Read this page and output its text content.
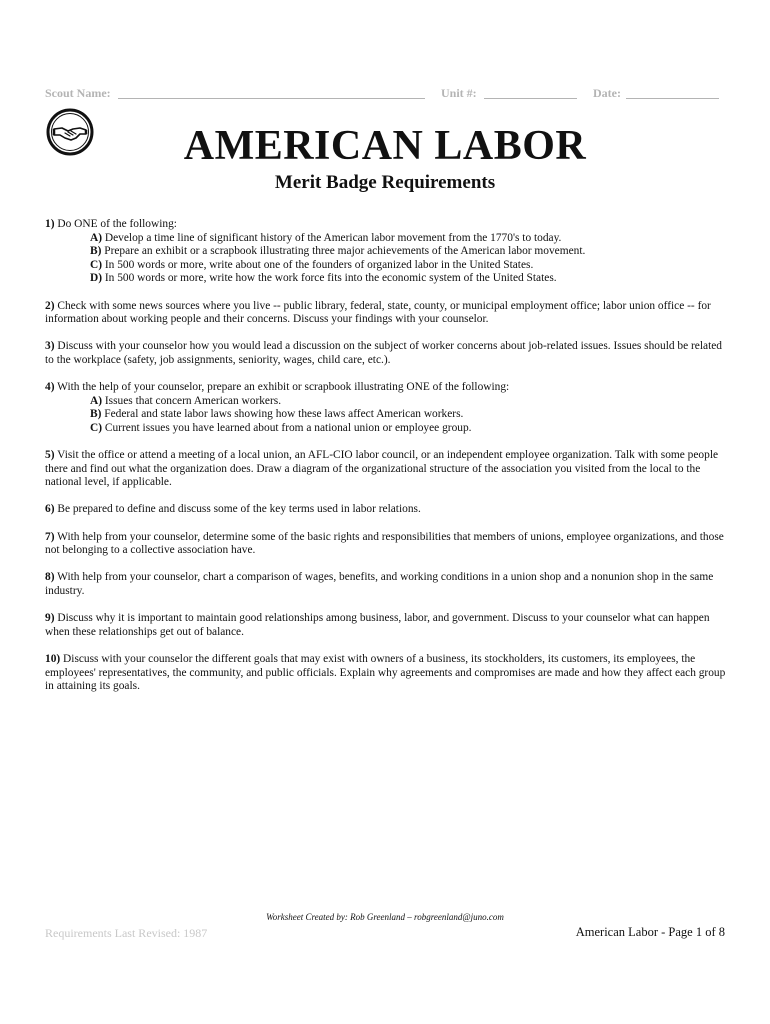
Scout Name:	Unit #:	Date:
AMERICAN LABOR
Merit Badge Requirements
1) Do ONE of the following:
A) Develop a time line of significant history of the American labor movement from the 1770's to today.
B) Prepare an exhibit or a scrapbook illustrating three major achievements of the American labor movement.
C) In 500 words or more, write about one of the founders of organized labor in the United States.
D) In 500 words or more, write how the work force fits into the economic system of the United States.
2) Check with some news sources where you live -- public library, federal, state, county, or municipal employment office; labor union office -- for information about working people and their concerns. Discuss your findings with your counselor.
3) Discuss with your counselor how you would lead a discussion on the subject of worker concerns about job-related issues. Issues should be related to the workplace (safety, job assignments, seniority, wages, child care, etc.).
4) With the help of your counselor, prepare an exhibit or scrapbook illustrating ONE of the following:
A) Issues that concern American workers.
B) Federal and state labor laws showing how these laws affect American workers.
C) Current issues you have learned about from a national union or employee group.
5) Visit the office or attend a meeting of a local union, an AFL-CIO labor council, or an independent employee organization. Talk with some people there and find out what the organization does. Draw a diagram of the organizational structure of the association you visited from the local to the national level, if applicable.
6) Be prepared to define and discuss some of the key terms used in labor relations.
7) With help from your counselor, determine some of the basic rights and responsibilities that members of unions, employee organizations, and those not belonging to a collective association have.
8) With help from your counselor, chart a comparison of wages, benefits, and working conditions in a union shop and a nonunion shop in the same industry.
9) Discuss why it is important to maintain good relationships among business, labor, and government. Discuss to your counselor what can happen when these relationships get out of balance.
10) Discuss with your counselor the different goals that may exist with owners of a business, its stockholders, its customers, its employees, the employees' representatives, the community, and public officials. Explain why agreements and compromises are made and how they affect each group in attaining its goals.
Worksheet Created by: Rob Greenland – robgreenland@juno.com
Requirements Last Revised: 1987	American Labor - Page 1 of 8
